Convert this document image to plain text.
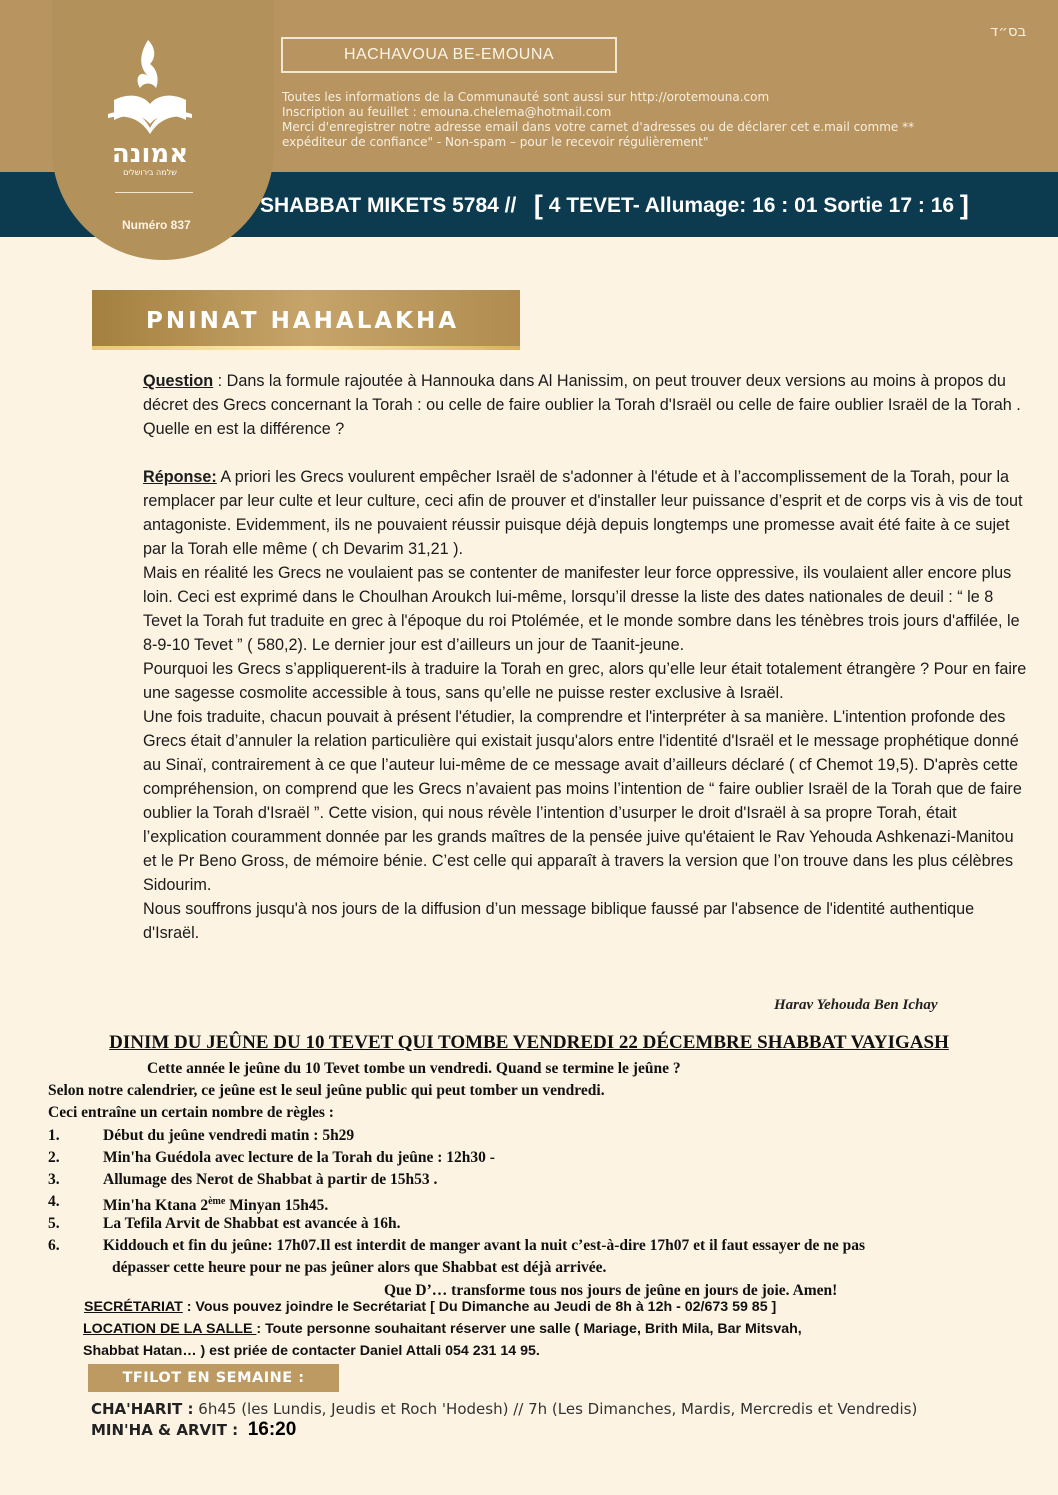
אמונה
שלמה בירושלים
Numéro 837
בס״ד
HACHAVOUA BE-EMOUNA
Toutes les informations de la Communauté sont aussi sur http://orotemouna.com
Inscription au feuillet : emouna.chelema@hotmail.com
Merci d'enregistrer notre adresse email dans votre carnet d'adresses ou de déclarer cet e.mail comme **
expéditeur de confiance" - Non-spam – pour le recevoir régulièrement"
SHABBAT MIKETS 5784 // [ 4 TEVET- Allumage: 16 : 01 Sortie 17 : 16 ]
PNINAT HAHALAKHA

Question : Dans la formule rajoutée à Hannouka dans Al Hanissim, on peut trouver deux versions au moins à propos du décret des Grecs concernant la Torah : ou celle de faire oublier la Torah d'Israël ou celle de faire oublier Israël de la Torah . Quelle en est la différence ?

Réponse: A priori les Grecs voulurent empêcher Israël de s'adonner à l'étude et à l’accomplissement de la Torah, pour la remplacer par leur culte et leur culture, ceci afin de prouver et d'installer leur puissance d’esprit et de corps vis à vis de tout antagoniste. Evidemment, ils ne pouvaient réussir puisque déjà depuis longtemps une promesse avait été faite à ce sujet par la Torah elle même ( ch Devarim 31,21 ).

Mais en réalité les Grecs ne voulaient pas se contenter de manifester leur force oppressive, ils voulaient aller encore plus loin. Ceci est exprimé dans le Choulhan Aroukch lui-même, lorsqu’il dresse la liste des dates nationales de deuil : “ le 8 Tevet la Torah fut traduite en grec à l'époque du roi Ptolémée, et le monde sombre dans les ténèbres trois jours d'affilée, le 8-9-10 Tevet ” ( 580,2). Le dernier jour est d’ailleurs un jour de Taanit-jeune.

Pourquoi les Grecs s’appliquerent-ils à traduire la Torah en grec, alors qu’elle leur était totalement étrangère ? Pour en faire une sagesse cosmolite accessible à tous, sans qu’elle ne puisse rester exclusive à Israël.

Une fois traduite, chacun pouvait à présent l'étudier, la comprendre et l'interpréter à sa manière. L'intention profonde des Grecs était d’annuler la relation particulière qui existait jusqu'alors entre l'identité d'Israël et le message prophétique donné au Sinaï, contrairement à ce que l’auteur lui-même de ce message avait d’ailleurs déclaré ( cf Chemot 19,5). D'après cette compréhension, on comprend que les Grecs n’avaient pas moins l’intention de “ faire oublier Israël de la Torah que de faire oublier la Torah d'Israël ”. Cette vision, qui nous révèle l’intention d’usurper le droit d'Israël à sa propre Torah, était l’explication couramment donnée par les grands maîtres de la pensée juive qu'étaient le Rav Yehouda Ashkenazi-Manitou et le Pr Beno Gross, de mémoire bénie. C’est celle qui apparaît à travers la version que l’on trouve dans les plus célèbres Sidourim.

Nous souffrons jusqu'à nos jours de la diffusion d’un message biblique faussé par l'absence de l'identité authentique d'Israël.

Harav Yehouda Ben Ichay
DINIM DU JEÛNE DU 10 TEVET QUI TOMBE VENDREDI 22 DÉCEMBRE SHABBAT VAYIGASH
Cette année le jeûne du 10 Tevet tombe un vendredi. Quand se termine le jeûne ?
Selon notre calendrier, ce jeûne est le seul jeûne public qui peut tomber un vendredi.
Ceci entraîne un certain nombre de règles :
1.	Début du jeûne vendredi matin : 5h29
2.	Min'ha Guédola avec lecture de la Torah du jeûne : 12h30 -
3.	Allumage des Nerot de Shabbat à partir de 15h53 .
4.	Min'ha Ktana 2ème Minyan 15h45.
5.	La Tefila Arvit de Shabbat est avancée à 16h.
6.	Kiddouch et fin du jeûne: 17h07.Il est interdit de manger avant la nuit c’est-à-dire 17h07 et il faut essayer de ne pas
dépasser cette heure pour ne pas jeûner alors que Shabbat est déjà arrivée.
Que D’… transforme tous nos jours de jeûne en jours de joie. Amen!
SECRÉTARIAT : Vous pouvez joindre le Secrétariat [ Du Dimanche au Jeudi de 8h à 12h - 02/673 59 85 ]
LOCATION DE LA SALLE : Toute personne souhaitant réserver une salle ( Mariage, Brith Mila, Bar Mitsvah,
Shabbat Hatan… ) est priée de contacter Daniel Attali 054 231 14 95.
TFILOT EN SEMAINE :
CHA'HARIT : 6h45 (les Lundis, Jeudis et Roch 'Hodesh) // 7h (Les Dimanches, Mardis, Mercredis et Vendredis)
MIN'HA & ARVIT : 16:20
